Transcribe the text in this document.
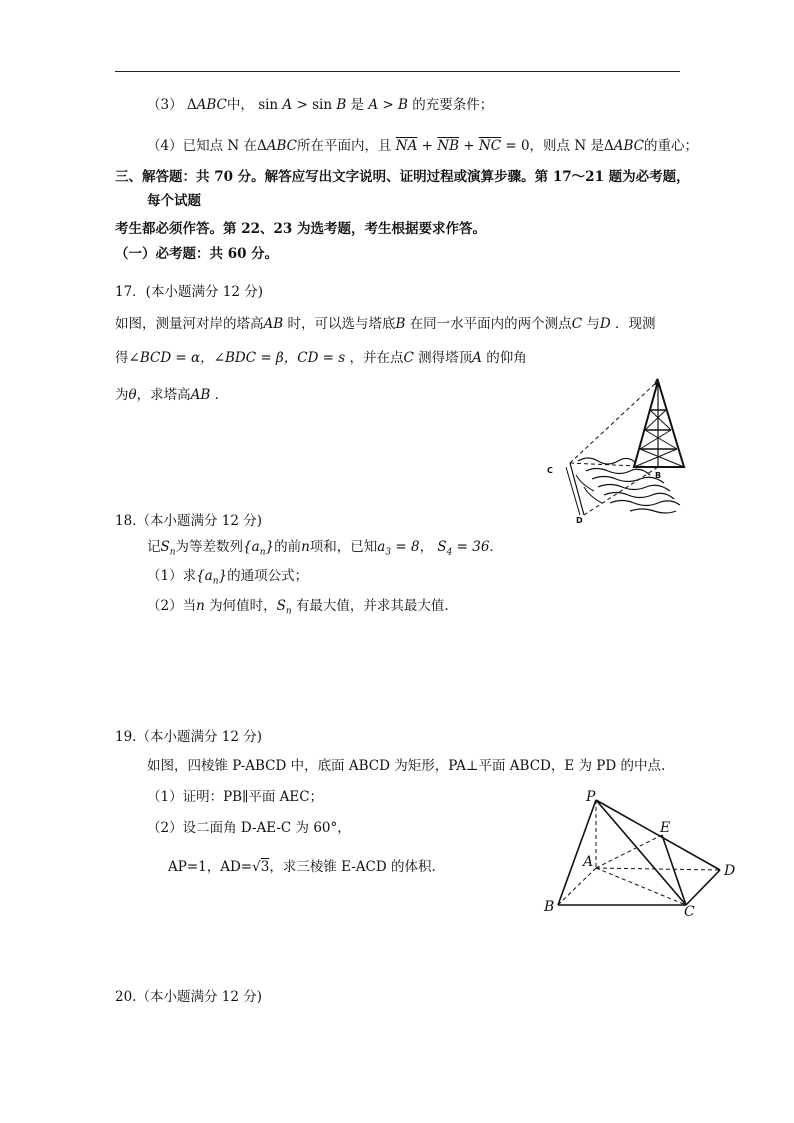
（3） ΔABC中， sin A > sin B 是 A > B 的充要条件；
（4）已知点 N 在ΔABC所在平面内，且 $\overline{NA} + \overline{NB} + \overline{NC} = 0$，则点 N 是ΔABC的重心；
三、解答题：共 70 分。解答应写出文字说明、证明过程或演算步骤。第 17～21 题为必考题，
每个试题
考生都必须作答。第 22、23 为选考题，考生根据要求作答。
（一）必考题：共 60 分。
17．(本小题满分 12 分)
如图，测量河对岸的塔高AB 时，可以选与塔底B 在同一水平面内的两个测点C 与D ．现测
得∠BCD = α，∠BDC = β，CD = s ，并在点C 测得塔顶A 的仰角
为θ，求塔高AB ．
A
B
C
D
18.（本小题满分 12 分)
记$S_n$为等差数列$\{a_n\}$的前n项和，已知$a_3 = 8$， $S_4 = 36$．
（1）求$\{a_n\}$的通项公式；
（2）当n 为何值时，$S_n$ 有最大值，并求其最大值.
19.（本小题满分 12 分)
如图，四棱锥 P-ABCD 中，底面 ABCD 为矩形，PA⊥平面 ABCD，E 为 PD 的中点.
（1）证明：PB∥平面 AEC；
（2）设二面角 D-AE-C 为 60°，
AP=1，AD=√3，求三棱锥 E-ACD 的体积.
P
E
A
D
B	C
20.（本小题满分 12 分)
